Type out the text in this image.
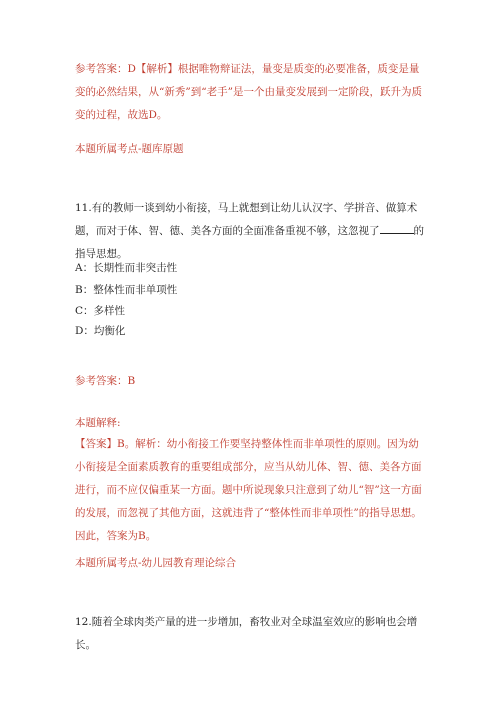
参考答案：D【解析】根据唯物辩证法，量变是质变的必要准备，质变是量变的必然结果，从“新秀”到“老手”是一个由量变发展到一定阶段，跃升为质变的过程，故选D。

本题所属考点-题库原题

11.有的教师一谈到幼小衔接，马上就想到让幼儿认汉字、学拼音、做算术题，而对于体、智、德、美各方面的全面准备重视不够，这忽视了	的指导思想。

A：长期性而非突击性

B：整体性而非单项性

C：多样性

D：均衡化

参考答案：B

本题解释:

【答案】B。解析：幼小衔接工作要坚持整体性而非单项性的原则。因为幼小衔接是全面素质教育的重要组成部分，应当从幼儿体、智、德、美各方面进行，而不应仅偏重某一方面。题中所说现象只注意到了幼儿“智”这一方面的发展，而忽视了其他方面，这就违背了“整体性而非单项性”的指导思想。因此，答案为B。

本题所属考点-幼儿园教育理论综合

12.随着全球肉类产量的进一步增加，畜牧业对全球温室效应的影响也会增长。
